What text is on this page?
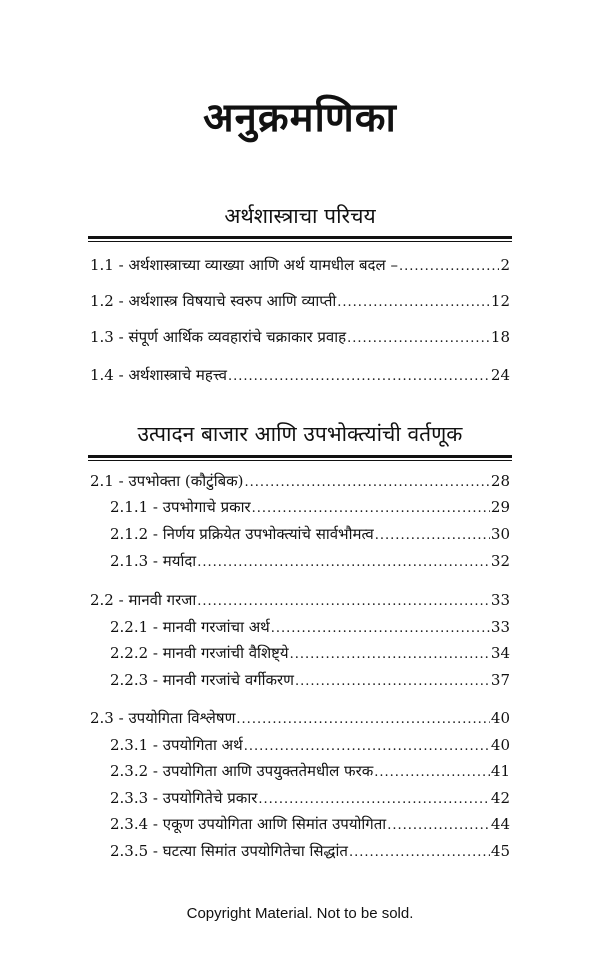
अनुक्रमणिका
अर्थशास्त्राचा परिचय
1.1 - अर्थशास्त्राच्या व्याख्या आणि अर्थ यामधील बदल – .....	2
1.2 - अर्थशास्त्र विषयाचे स्वरुप आणि व्याप्ती .....	12
1.3 - संपूर्ण आर्थिक व्यवहारांचे चक्राकार प्रवाह .....	18
1.4 - अर्थशास्त्राचे महत्त्व .....	24
उत्पादन बाजार आणि उपभोक्त्यांची वर्तणूक
2.1 - उपभोक्ता (कौटुंबिक) .....	28
2.1.1 - उपभोगाचे प्रकार .....	29
2.1.2 - निर्णय प्रक्रियेत उपभोक्त्यांचे सार्वभौमत्व .....	30
2.1.3 - मर्यादा .....	32
2.2 - मानवी गरजा .....	33
2.2.1 - मानवी गरजांचा अर्थ .....	33
2.2.2 - मानवी गरजांची वैशिष्ट्ये .....	34
2.2.3 - मानवी गरजांचे वर्गीकरण .....	37
2.3 - उपयोगिता विश्लेषण .....	40
2.3.1 - उपयोगिता अर्थ .....	40
2.3.2 - उपयोगिता आणि उपयुक्ततेमधील फरक .....	41
2.3.3 - उपयोगितेचे प्रकार .....	42
2.3.4 - एकूण उपयोगिता आणि सिमांत उपयोगिता .....	44
2.3.5 - घटत्या सिमांत उपयोगितेचा सिद्धांत .....	45
Copyright Material. Not to be sold.
